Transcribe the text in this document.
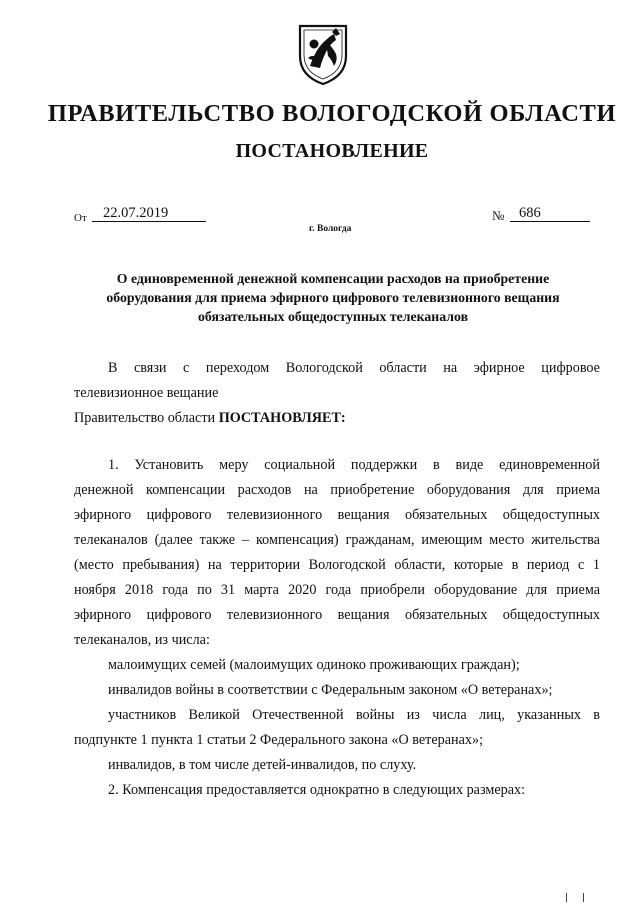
ПРАВИТЕЛЬСТВО ВОЛОГОДСКОЙ ОБЛАСТИ
ПОСТАНОВЛЕНИЕ
От 22.07.2019	№ 686
г. Вологда
О единовременной денежной компенсации расходов на приобретение
оборудования для приема эфирного цифрового телевизионного вещания
обязательных общедоступных телеканалов
В связи с переходом Вологодской области на эфирное цифровое
телевизионное вещание
Правительство области ПОСТАНОВЛЯЕТ:
1. Установить меру социальной поддержки в виде единовременной
денежной компенсации расходов на приобретение оборудования для приема
эфирного цифрового телевизионного вещания обязательных общедоступных
телеканалов (далее также – компенсация) гражданам, имеющим место жительства
(место пребывания) на территории Вологодской области, которые в период с 1
ноября 2018 года по 31 марта 2020 года приобрели оборудование для приема
эфирного цифрового телевизионного вещания обязательных общедоступных
телеканалов, из числа:
малоимущих семей (малоимущих одиноко проживающих граждан);
инвалидов войны в соответствии с Федеральным законом «О ветеранах»;
участников Великой Отечественной войны из числа лиц, указанных в
подпункте 1 пункта 1 статьи 2 Федерального закона «О ветеранах»;
инвалидов, в том числе детей-инвалидов, по слуху.
2. Компенсация предоставляется однократно в следующих размерах:
